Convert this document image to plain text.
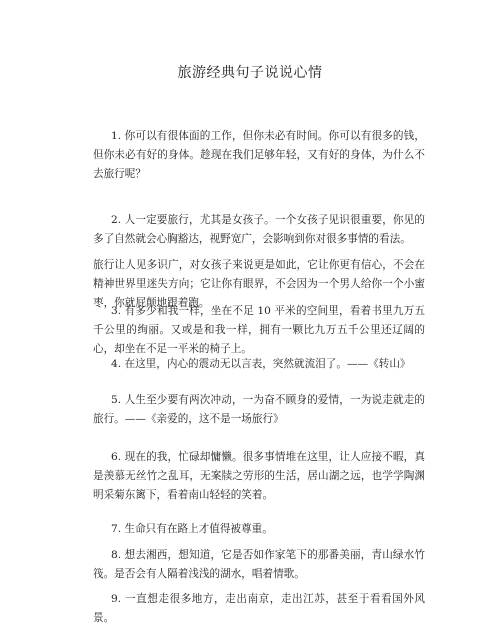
旅游经典句子说说心情

1. 你可以有很体面的工作，但你未必有时间。你可以有很多的钱，但你未必有好的身体。趁现在我们足够年轻，又有好的身体，为什么不去旅行呢？

2. 人一定要旅行，尤其是女孩子。一个女孩子见识很重要，你见的多了自然就会心胸豁达，视野宽广，会影响到你对很多事情的看法。

旅行让人见多识广，对女孩子来说更是如此，它让你更有信心，不会在精神世界里迷失方向；它让你有眼界，不会因为一个男人给你一个小蜜枣，你就屁颠地跟着跑。

3. 有多少和我一样，坐在不足 10 平米的空间里，看着书里九万五千公里的绚丽。又或是和我一样，拥有一颗比九万五千公里还辽阔的心，却坐在不足一平米的椅子上。

4. 在这里，内心的震动无以言表，突然就流泪了。——《转山》

5. 人生至少要有两次冲动，一为奋不顾身的爱情，一为说走就走的旅行。——《亲爱的，这不是一场旅行》

6. 现在的我，忙碌却慵懒。很多事情堆在这里，让人应接不暇，真是羡慕无丝竹之乱耳，无案牍之劳形的生活，居山湖之远，也学学陶渊明采菊东篱下，看着南山轻轻的笑着。

7. 生命只有在路上才值得被尊重。

8. 想去湘西，想知道，它是否如作家笔下的那番美丽，青山绿水竹筏。是否会有人隔着浅浅的湖水，唱着情歌。

9. 一直想走很多地方，走出南京，走出江苏，甚至于看看国外风景。
